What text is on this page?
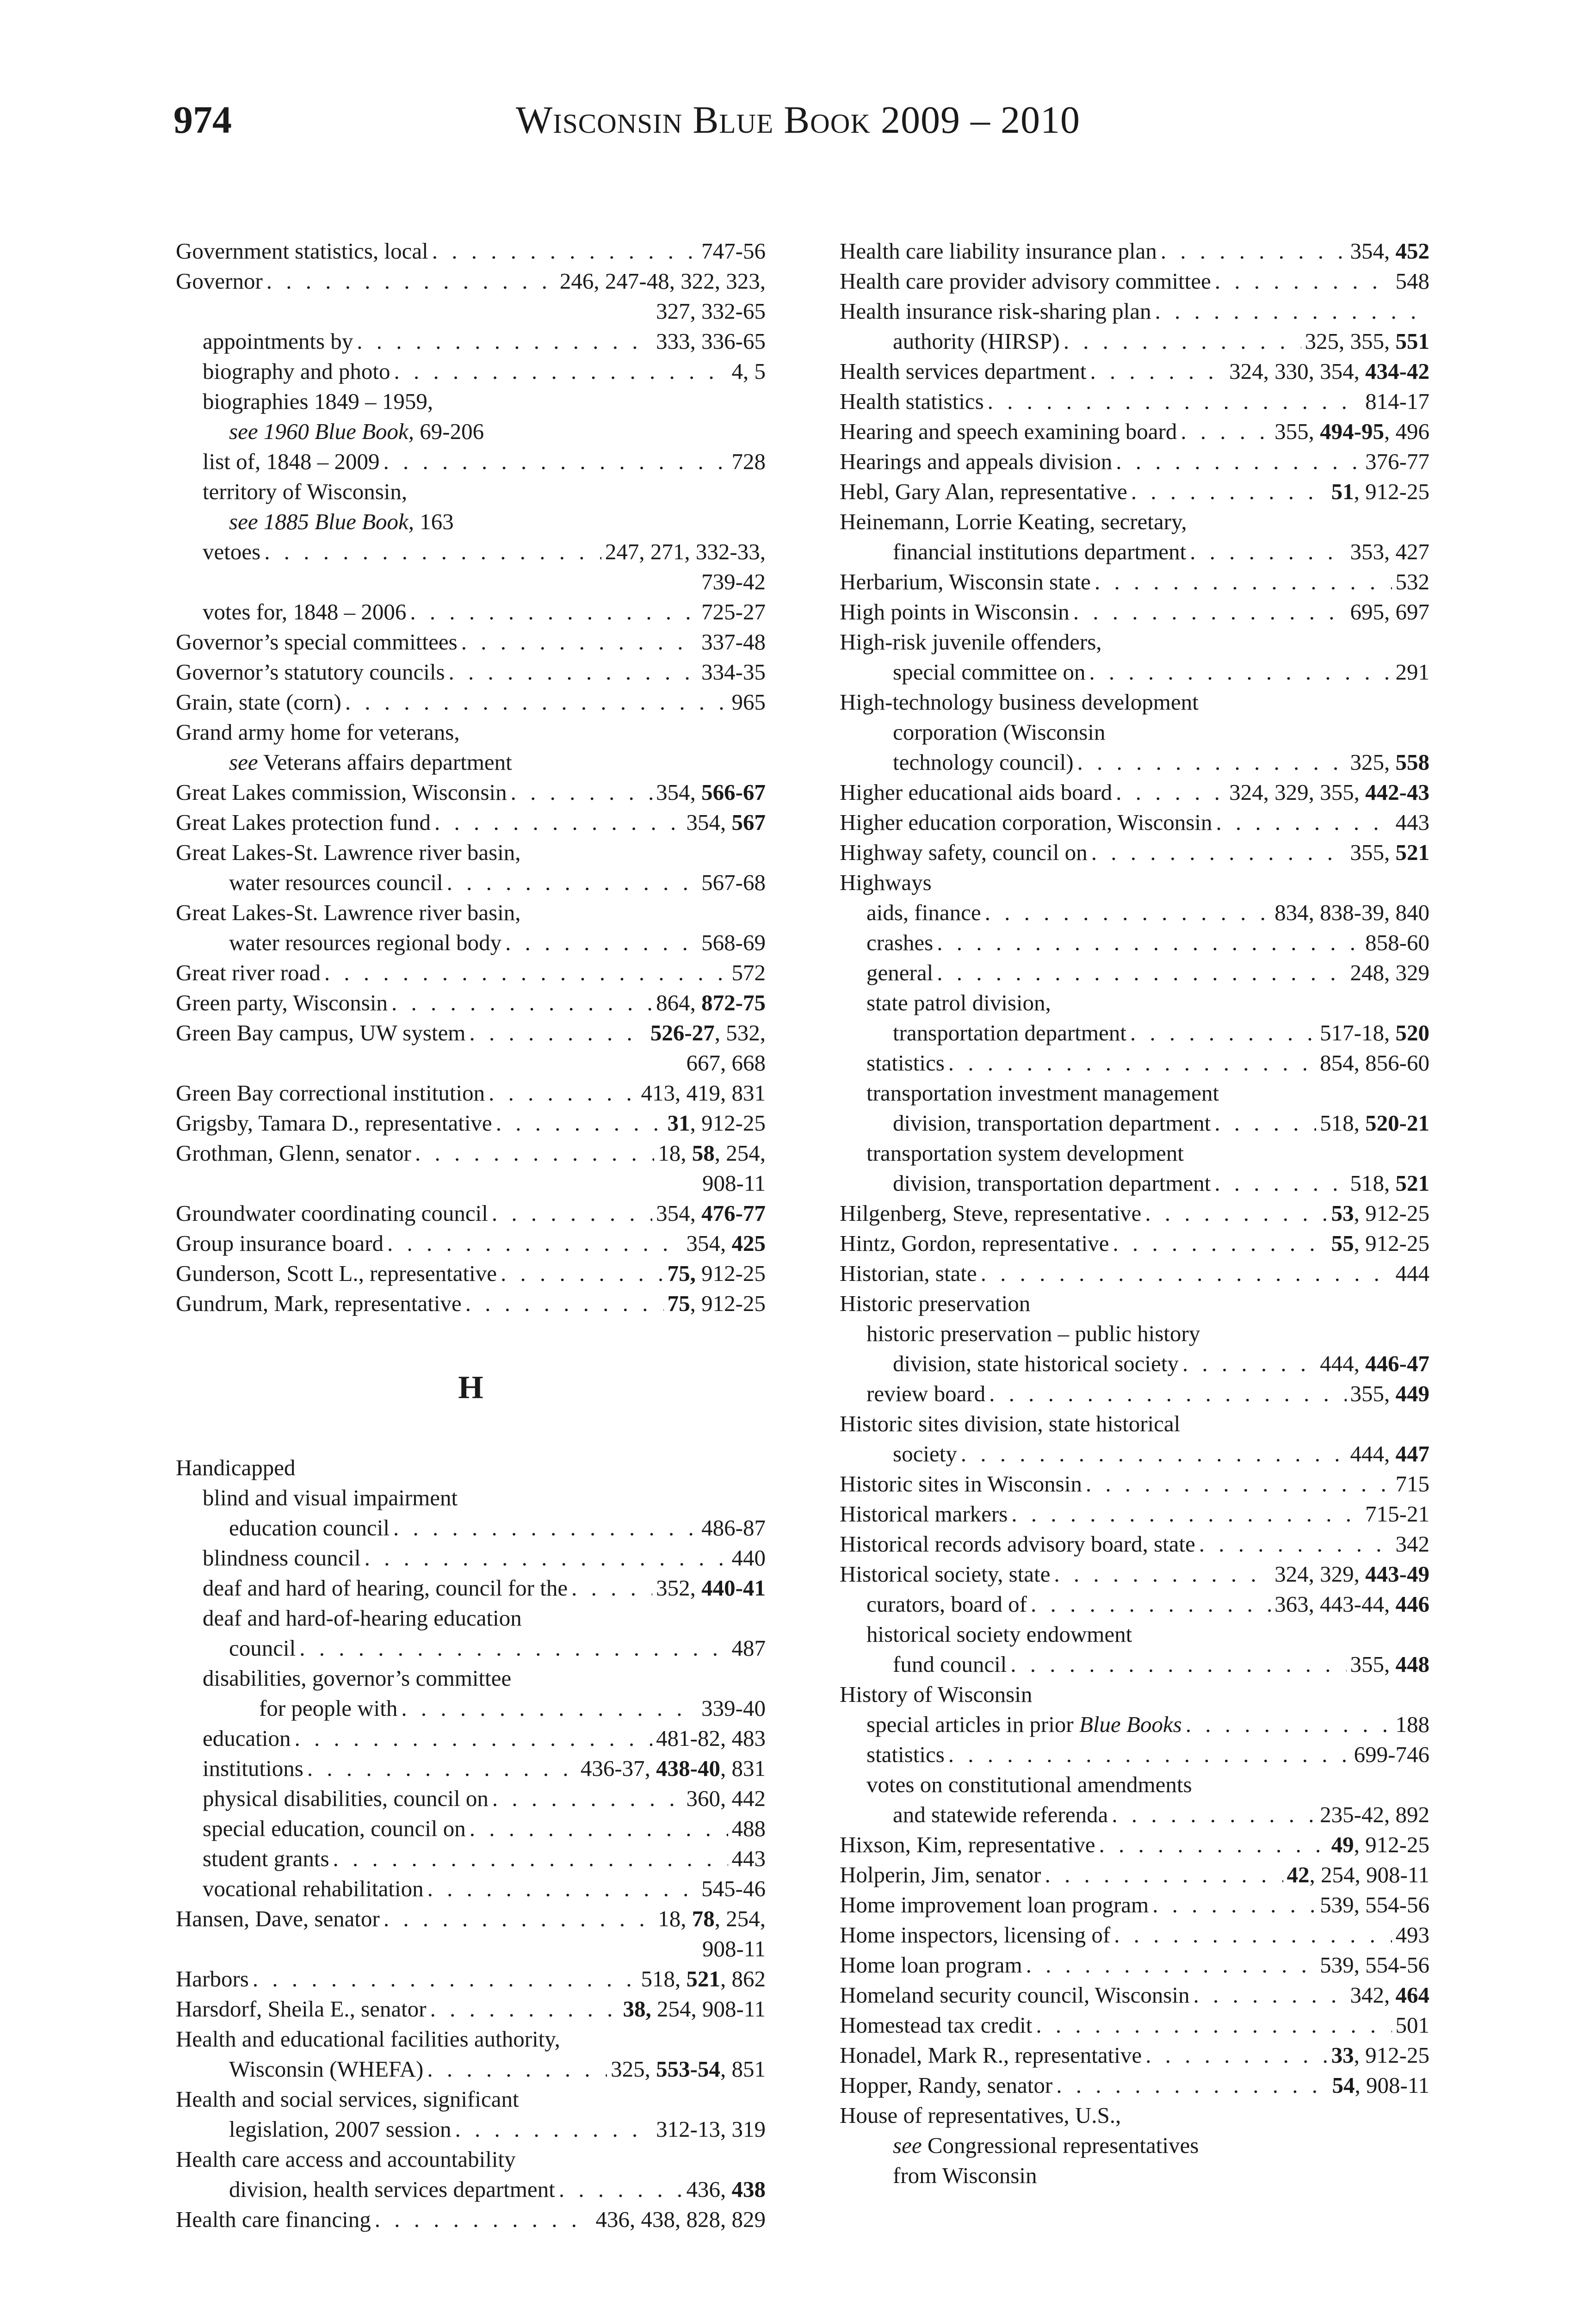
974	Wisconsin Blue Book 2009 – 2010
Government statistics, local . . .	747-56
Governor . . .	246, 247-48, 322, 323,
327, 332-65
appointments by . . .	333, 336-65
biography and photo . . .	4, 5
biographies 1849 – 1959,
see 1960 Blue Book, 69-206
list of, 1848 – 2009 . . .	728
territory of Wisconsin,
see 1885 Blue Book, 163
vetoes . . .	247, 271, 332-33,
739-42
votes for, 1848 – 2006 . . .	725-27
Governor’s special committees . . .	337-48
Governor’s statutory councils . . .	334-35
Grain, state (corn) . . .	965
Grand army home for veterans,
see Veterans affairs department
Great Lakes commission, Wisconsin . . .	354, 566-67
Great Lakes protection fund . . .	354, 567
Great Lakes-St. Lawrence river basin,
water resources council . . .	567-68
Great Lakes-St. Lawrence river basin,
water resources regional body . . .	568-69
Great river road . . .	572
Green party, Wisconsin . . .	864, 872-75
Green Bay campus, UW system . . .	526-27, 532,
667, 668
Green Bay correctional institution . . .	413, 419, 831
Grigsby, Tamara D., representative . . .	31, 912-25
Grothman, Glenn, senator . . .	18, 58, 254,
908-11
Groundwater coordinating council . . .	354, 476-77
Group insurance board . . .	354, 425
Gunderson, Scott L., representative . . .	75, 912-25
Gundrum, Mark, representative . . .	75, 912-25
H
Handicapped
blind and visual impairment
education council . . .	486-87
blindness council . . .	440
deaf and hard of hearing, council for the . . .	352, 440-41
deaf and hard-of-hearing education
council . . .	487
disabilities, governor’s committee
for people with . . .	339-40
education . . .	481-82, 483
institutions . . .	436-37, 438-40, 831
physical disabilities, council on . . .	360, 442
special education, council on . . .	488
student grants . . .	443
vocational rehabilitation . . .	545-46
Hansen, Dave, senator . . .	18, 78, 254,
908-11
Harbors . . .	518, 521, 862
Harsdorf, Sheila E., senator . . .	38, 254, 908-11
Health and educational facilities authority,
Wisconsin (WHEFA) . . .	325, 553-54, 851
Health and social services, significant
legislation, 2007 session . . .	312-13, 319
Health care access and accountability
division, health services department . . .	436, 438
Health care financing . . .	436, 438, 828, 829
Health care liability insurance plan . . .	354, 452
Health care provider advisory committee . . .	548
Health insurance risk-sharing plan
. . .
authority (HIRSP) . . .	325, 355, 551
Health services department . . .	324, 330, 354, 434-42
Health statistics . . .	814-17
Hearing and speech examining board . . .	355, 494-95, 496
Hearings and appeals division . . .	376-77
Hebl, Gary Alan, representative . . .	51, 912-25
Heinemann, Lorrie Keating, secretary,
financial institutions department . . .	353, 427
Herbarium, Wisconsin state . . .	532
High points in Wisconsin . . .	695, 697
High-risk juvenile offenders,
special committee on . . .	291
High-technology business development
corporation (Wisconsin
technology council) . . .	325, 558
Higher educational aids board . . .	324, 329, 355, 442-43
Higher education corporation, Wisconsin . . .	443
Highway safety, council on . . .	355, 521
Highways
aids, finance . . .	834, 838-39, 840
crashes . . .	858-60
general . . .	248, 329
state patrol division,
transportation department . . .	517-18, 520
statistics . . .	854, 856-60
transportation investment management
division, transportation department . . .	518, 520-21
transportation system development
division, transportation department . . .	518, 521
Hilgenberg, Steve, representative . . .	53, 912-25
Hintz, Gordon, representative . . .	55, 912-25
Historian, state . . .	444
Historic preservation
historic preservation – public history
division, state historical society . . .	444, 446-47
review board . . .	355, 449
Historic sites division, state historical
society . . .	444, 447
Historic sites in Wisconsin . . .	715
Historical markers . . .	715-21
Historical records advisory board, state . . .	342
Historical society, state . . .	324, 329, 443-49
curators, board of . . .	363, 443-44, 446
historical society endowment
fund council . . .	355, 448
History of Wisconsin
special articles in prior Blue Books . . .	188
statistics . . .	699-746
votes on constitutional amendments
and statewide referenda . . .	235-42, 892
Hixson, Kim, representative . . .	49, 912-25
Holperin, Jim, senator . . .	42, 254, 908-11
Home improvement loan program . . .	539, 554-56
Home inspectors, licensing of . . .	493
Home loan program . . .	539, 554-56
Homeland security council, Wisconsin . . .	342, 464
Homestead tax credit . . .	501
Honadel, Mark R., representative . . .	33, 912-25
Hopper, Randy, senator . . .	54, 908-11
House of representatives, U.S.,
see Congressional representatives
from Wisconsin
